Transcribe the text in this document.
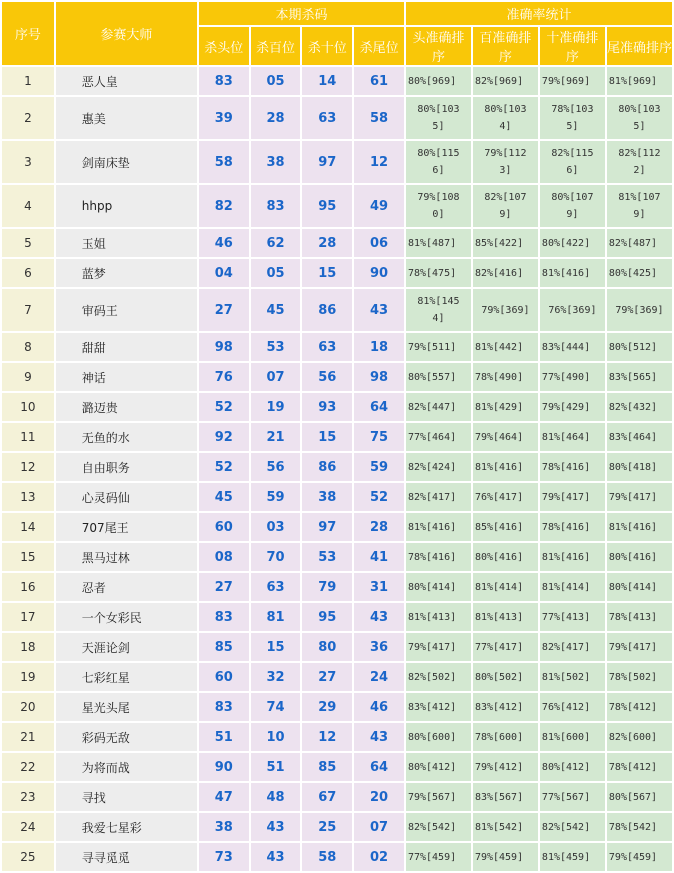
序号	参赛大师	本期杀码				准确率统计			
		杀头位	杀百位	杀十位	杀尾位	头准确排序	百准确排序	十准确排序	尾准确排序
1	恶人皇	83	05	14	61	80%[969]	82%[969]	79%[969]	81%[969]
2	惠美	39	28	63	58	80%[1035]	80%[1034]	78%[1035]	80%[1035]
3	剑南床垫	58	38	97	12	80%[1156]	79%[1123]	82%[1156]	82%[1122]
4	hhpp	82	83	95	49	79%[1080]	82%[1079]	80%[1079]	81%[1079]
5	玉姐	46	62	28	06	81%[487]	85%[422]	80%[422]	82%[487]
6	蓝梦	04	05	15	90	78%[475]	82%[416]	81%[416]	80%[425]
7	审码王	27	45	86	43	81%[1454]	79%[369]	76%[369]	79%[369]
8	甜甜	98	53	63	18	79%[511]	81%[442]	83%[444]	80%[512]
9	神话	76	07	56	98	80%[557]	78%[490]	77%[490]	83%[565]
10	潞迈贵	52	19	93	64	82%[447]	81%[429]	79%[429]	82%[432]
11	无鱼的水	92	21	15	75	77%[464]	79%[464]	81%[464]	83%[464]
12	自由职务	52	56	86	59	82%[424]	81%[416]	78%[416]	80%[418]
13	心灵码仙	45	59	38	52	82%[417]	76%[417]	79%[417]	79%[417]
14	707尾王	60	03	97	28	81%[416]	85%[416]	78%[416]	81%[416]
15	黑马过林	08	70	53	41	78%[416]	80%[416]	81%[416]	80%[416]
16	忍者	27	63	79	31	80%[414]	81%[414]	81%[414]	80%[414]
17	一个女彩民	83	81	95	43	81%[413]	81%[413]	77%[413]	78%[413]
18	天涯论剑	85	15	80	36	79%[417]	77%[417]	82%[417]	79%[417]
19	七彩红星	60	32	27	24	82%[502]	80%[502]	81%[502]	78%[502]
20	星光头尾	83	74	29	46	83%[412]	83%[412]	76%[412]	78%[412]
21	彩码无敌	51	10	12	43	80%[600]	78%[600]	81%[600]	82%[600]
22	为将而战	90	51	85	64	80%[412]	79%[412]	80%[412]	78%[412]
23	寻找	47	48	67	20	79%[567]	83%[567]	77%[567]	80%[567]
24	我爱七星彩	38	43	25	07	82%[542]	81%[542]	82%[542]	78%[542]
25	寻寻觅觅	73	43	58	02	77%[459]	79%[459]	81%[459]	79%[459]
